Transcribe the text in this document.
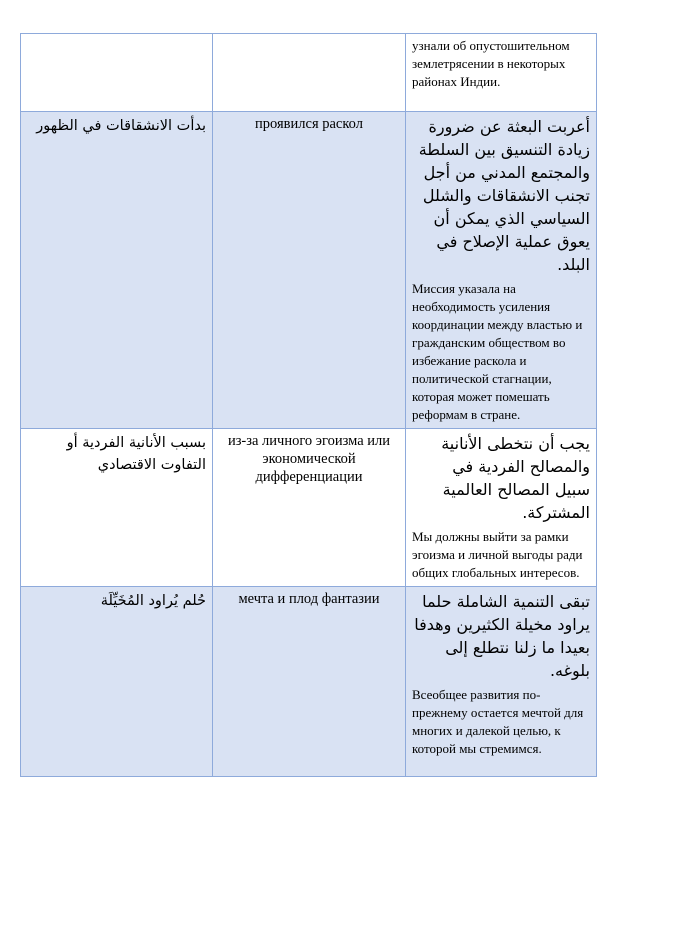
		узнали об опустошительном землетрясении в некоторых районах Индии.

بدأت الانشقاقات في الظهور	проявился раскол	أعربت البعثة عن ضرورة زيادة التنسيق بين السلطة والمجتمع المدني من أجل تجنب الانشقاقات والشلل السياسي الذي يمكن أن يعوق عملية الإصلاح في البلد.

Миссия указала на необходимость усиления координации между властью и гражданским обществом во избежание раскола и политической стагнации, которая может помешать реформам в стране.

بسبب الأنانية الفردية أو التفاوت الاقتصادي	из-за личного эгоизма или экономической дифференциации	يجب أن نتخطى الأنانية والمصالح الفردية في سبيل المصالح العالمية المشتركة.

Мы должны выйти за рамки эгоизма и личной выгоды ради общих глобальных интересов.

حُلم يُراود المُخَيِّلَة	мечта и плод фантазии	تبقى التنمية الشاملة حلما يراود مخيلة الكثيرين وهدفا بعيدا ما زلنا نتطلع إلى بلوغه.

Всеобщее развития по-прежнему остается мечтой для многих и далекой целью, к которой мы стремимся.
